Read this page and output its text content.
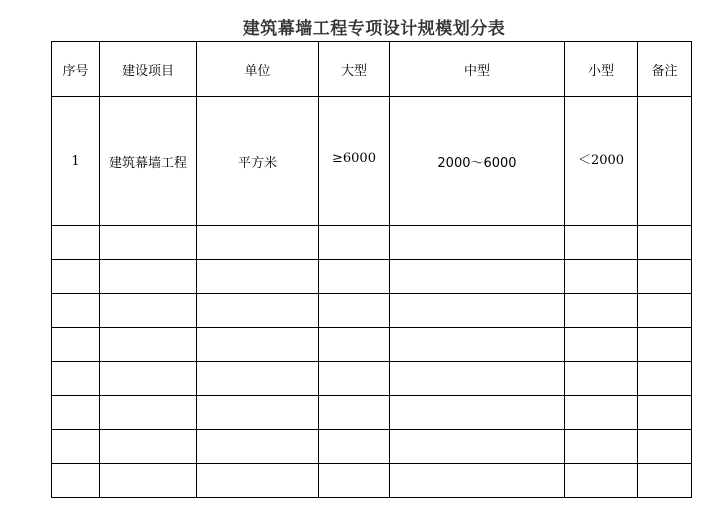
建筑幕墙工程专项设计规模划分表
序号	建设项目	单位	大型	中型	小型	备注
1	建筑幕墙工程	平方米	≥6000	2000～6000	＜2000	
